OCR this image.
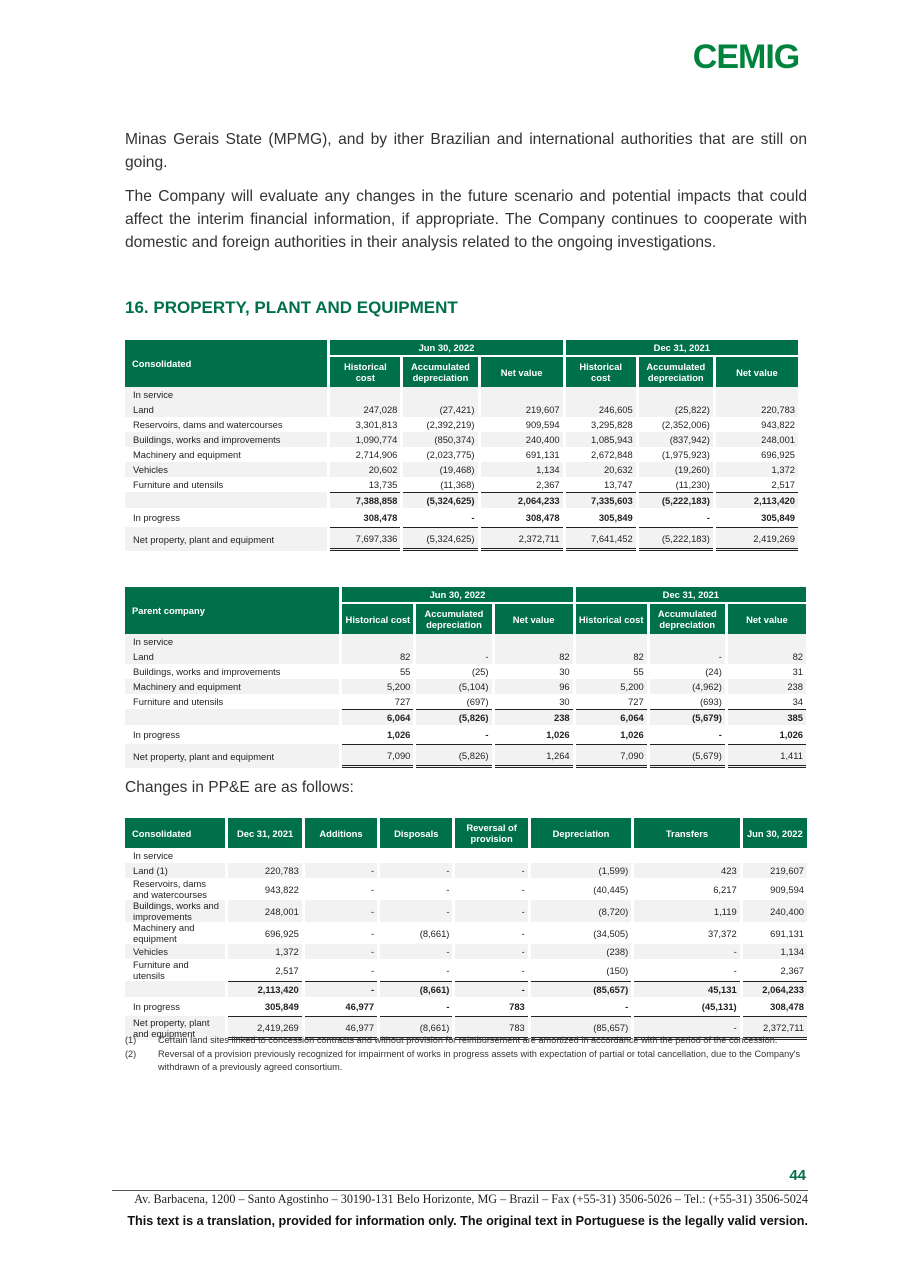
CEMIG

Minas Gerais State (MPMG), and by ither Brazilian and international authorities that are still on going.

The Company will evaluate any changes in the future scenario and potential impacts that could affect the interim financial information, if appropriate. The Company continues to cooperate with domestic and foreign authorities in their analysis related to the ongoing investigations.

16. PROPERTY, PLANT AND EQUIPMENT
Consolidated	Jun 30, 2022			Dec 31, 2021		
	Historical cost	Accumulated depreciation	Net value	Historical cost	Accumulated depreciation	Net value
In service						
Land	247,028	(27,421)	219,607	246,605	(25,822)	220,783
Reservoirs, dams and watercourses	3,301,813	(2,392,219)	909,594	3,295,828	(2,352,006)	943,822
Buildings, works and improvements	1,090,774	(850,374)	240,400	1,085,943	(837,942)	248,001
Machinery and equipment	2,714,906	(2,023,775)	691,131	2,672,848	(1,975,923)	696,925
Vehicles	20,602	(19,468)	1,134	20,632	(19,260)	1,372
Furniture and utensils	13,735	(11,368)	2,367	13,747	(11,230)	2,517
	7,388,858	(5,324,625)	2,064,233	7,335,603	(5,222,183)	2,113,420
In progress	308,478	-	308,478	305,849	-	305,849
Net property, plant and equipment	7,697,336	(5,324,625)	2,372,711	7,641,452	(5,222,183)	2,419,269
Parent company	Jun 30, 2022			Dec 31, 2021		
	Historical cost	Accumulated depreciation	Net value	Historical cost	Accumulated depreciation	Net value
In service						
Land	82	-	82	82	-	82
Buildings, works and improvements	55	(25)	30	55	(24)	31
Machinery and equipment	5,200	(5,104)	96	5,200	(4,962)	238
Furniture and utensils	727	(697)	30	727	(693)	34
	6,064	(5,826)	238	6,064	(5,679)	385
In progress	1,026	-	1,026	1,026	-	1,026
Net property, plant and equipment	7,090	(5,826)	1,264	7,090	(5,679)	1,411

Changes in PP&E are as follows:

Consolidated	Dec 31, 2021	Additions	Disposals	Reversal of provision	Depreciation	Transfers	Jun 30, 2022
In service							
Land (1)	220,783	-	-	-	(1,599)	423	219,607
Reservoirs, dams and watercourses	943,822	-	-	-	(40,445)	6,217	909,594
Buildings, works and improvements	248,001	-	-	-	(8,720)	1,119	240,400
Machinery and equipment	696,925	-	(8,661)	-	(34,505)	37,372	691,131
Vehicles	1,372	-	-	-	(238)	-	1,134
Furniture and utensils	2,517	-	-	-	(150)	-	2,367
	2,113,420	-	(8,661)	-	(85,657)	45,131	2,064,233
In progress	305,849	46,977	-	783	-	(45,131)	308,478
Net property, plant and equipment	2,419,269	46,977	(8,661)	783	(85,657)	-	2,372,711
(1)	Certain land sites linked to concession contracts and without provision for reimbursement are amortized in accordance with the period of the concession.
(2)	Reversal of a provision previously recognized for impairment of works in progress assets with expectation of partial or total cancellation, due to the Company's withdrawn of a previously agreed consortium.
44
Av. Barbacena, 1200 – Santo Agostinho – 30190-131 Belo Horizonte, MG – Brazil – Fax (+55-31) 3506-5026 – Tel.: (+55-31) 3506-5024
This text is a translation, provided for information only. The original text in Portuguese is the legally valid version.
